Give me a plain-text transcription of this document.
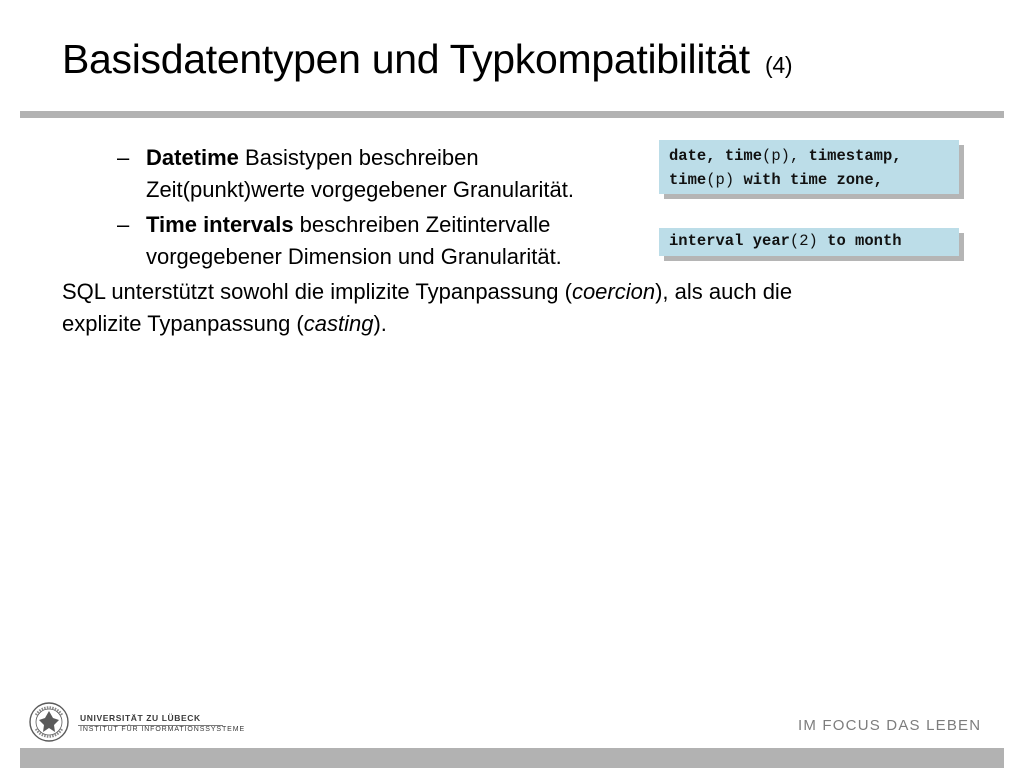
Basisdatentypen und Typkompatibilität (4)
– Datetime Basistypen beschreiben
Zeit(punkt)werte vorgegebener Granularität.
– Time intervals beschreiben Zeitintervalle
vorgegebener Dimension und Granularität.
SQL unterstützt sowohl die implizite Typanpassung (coercion), als auch die
explizite Typanpassung (casting).
date, time(p), timestamp,
time(p) with time zone,
interval year(2) to month
UNIVERSITÄT ZU LÜBECK
INSTITUT FÜR INFORMATIONSSYSTEME	IM FOCUS DAS LEBEN
